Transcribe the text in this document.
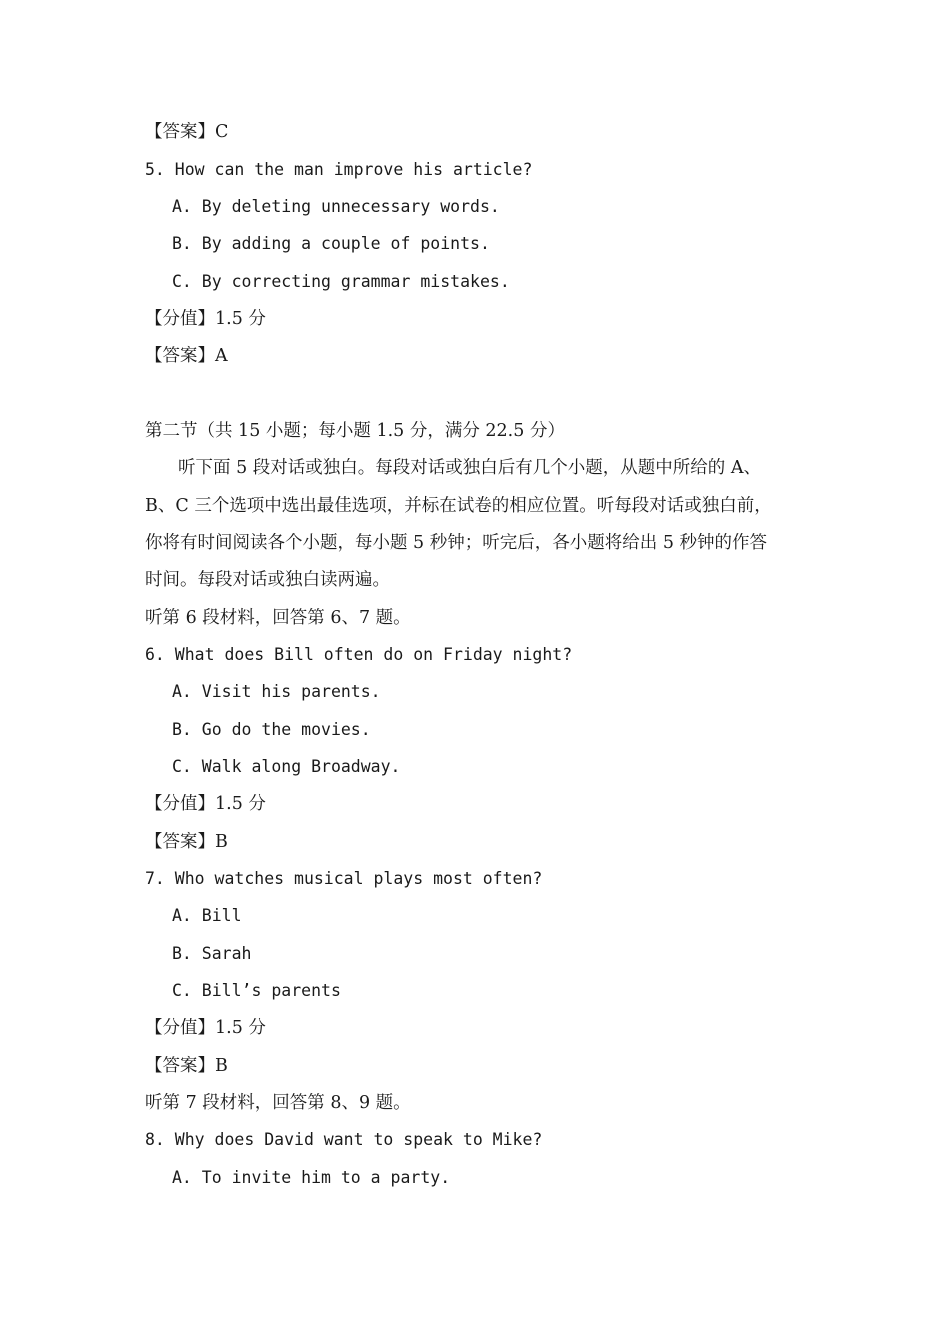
【答案】C
5. How can the man improve his article?
A. By deleting unnecessary words.
B. By adding a couple of points.
C. By correcting grammar mistakes.
【分值】1.5 分
【答案】A
第二节（共 15 小题；每小题 1.5 分，满分 22.5 分）
听下面 5 段对话或独白。每段对话或独白后有几个小题，从题中所给的 A、
B、C 三个选项中选出最佳选项，并标在试卷的相应位置。听每段对话或独白前，
你将有时间阅读各个小题，每小题 5 秒钟；听完后，各小题将给出 5 秒钟的作答
时间。每段对话或独白读两遍。
听第 6 段材料，回答第 6、7 题。
6. What does Bill often do on Friday night?
A. Visit his parents.
B. Go do the movies.
C. Walk along Broadway.
【分值】1.5 分
【答案】B
7. Who watches musical plays most often?
A. Bill
B. Sarah
C. Bill’s parents
【分值】1.5 分
【答案】B
听第 7 段材料，回答第 8、9 题。
8. Why does David want to speak to Mike?
A. To invite him to a party.
